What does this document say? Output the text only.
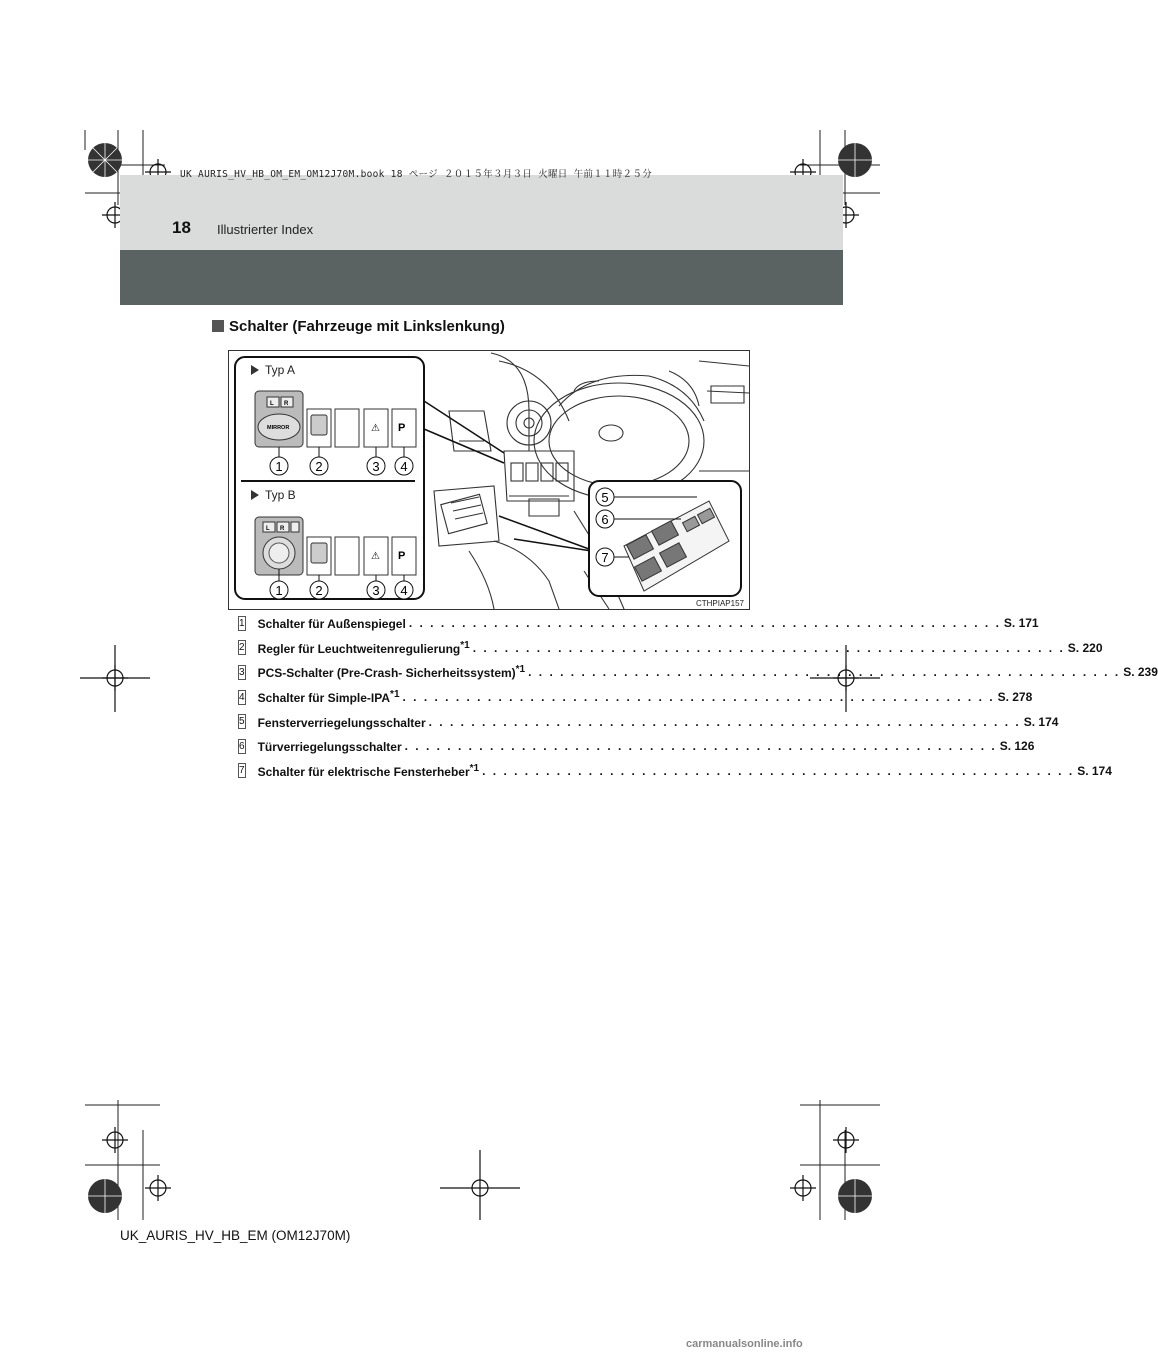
UK AURIS_HV_HB_OM_EM_OM12J70M.book 18 ページ ２０１５年３月３日 火曜日 午前１１時２５分
18 Illustrierter Index
Schalter (Fahrzeuge mit Linkslenkung)
Typ A
L R
MIRROR	⚠ P
1	2	3 4
Typ B
L R
⚠ P
1	2	3 4
5
6
7
CTHPIAP157
1 Schalter für Außenspiegel . . . . . . . . . . . . . . . . . . . . . . . . . . . . . . . . . . . . . . . . . . . . . . . . . . . . . . . . S. 171
2 Regler für Leuchtweitenregulierung$^{*1}$ . . . . . . . . . . . . . . . . . . . . . . . . . . . . . . . . . . . . . . . . . . . . . . . . . . . . . . . . S. 220
3 PCS-Schalter (Pre-Crash- Sicherheitssystem)$^{*1}$ . . . . . . . . . . . . . . . . . . . . . . . . . . . . . . . . . . . . . . . . . . . . . . . . . . . . . . . . S. 239
4 Schalter für Simple-IPA$^{*1}$ . . . . . . . . . . . . . . . . . . . . . . . . . . . . . . . . . . . . . . . . . . . . . . . . . . . . . . . . S. 278
5 Fensterverriegelungsschalter . . . . . . . . . . . . . . . . . . . . . . . . . . . . . . . . . . . . . . . . . . . . . . . . . . . . . . . . S. 174
6 Türverriegelungsschalter . . . . . . . . . . . . . . . . . . . . . . . . . . . . . . . . . . . . . . . . . . . . . . . . . . . . . . . . S. 126
7 Schalter für elektrische Fensterheber$^{*1}$ . . . . . . . . . . . . . . . . . . . . . . . . . . . . . . . . . . . . . . . . . . . . . . . . . . . . . . . . S. 174
UK_AURIS_HV_HB_EM (OM12J70M)
carmanualsonline.info
